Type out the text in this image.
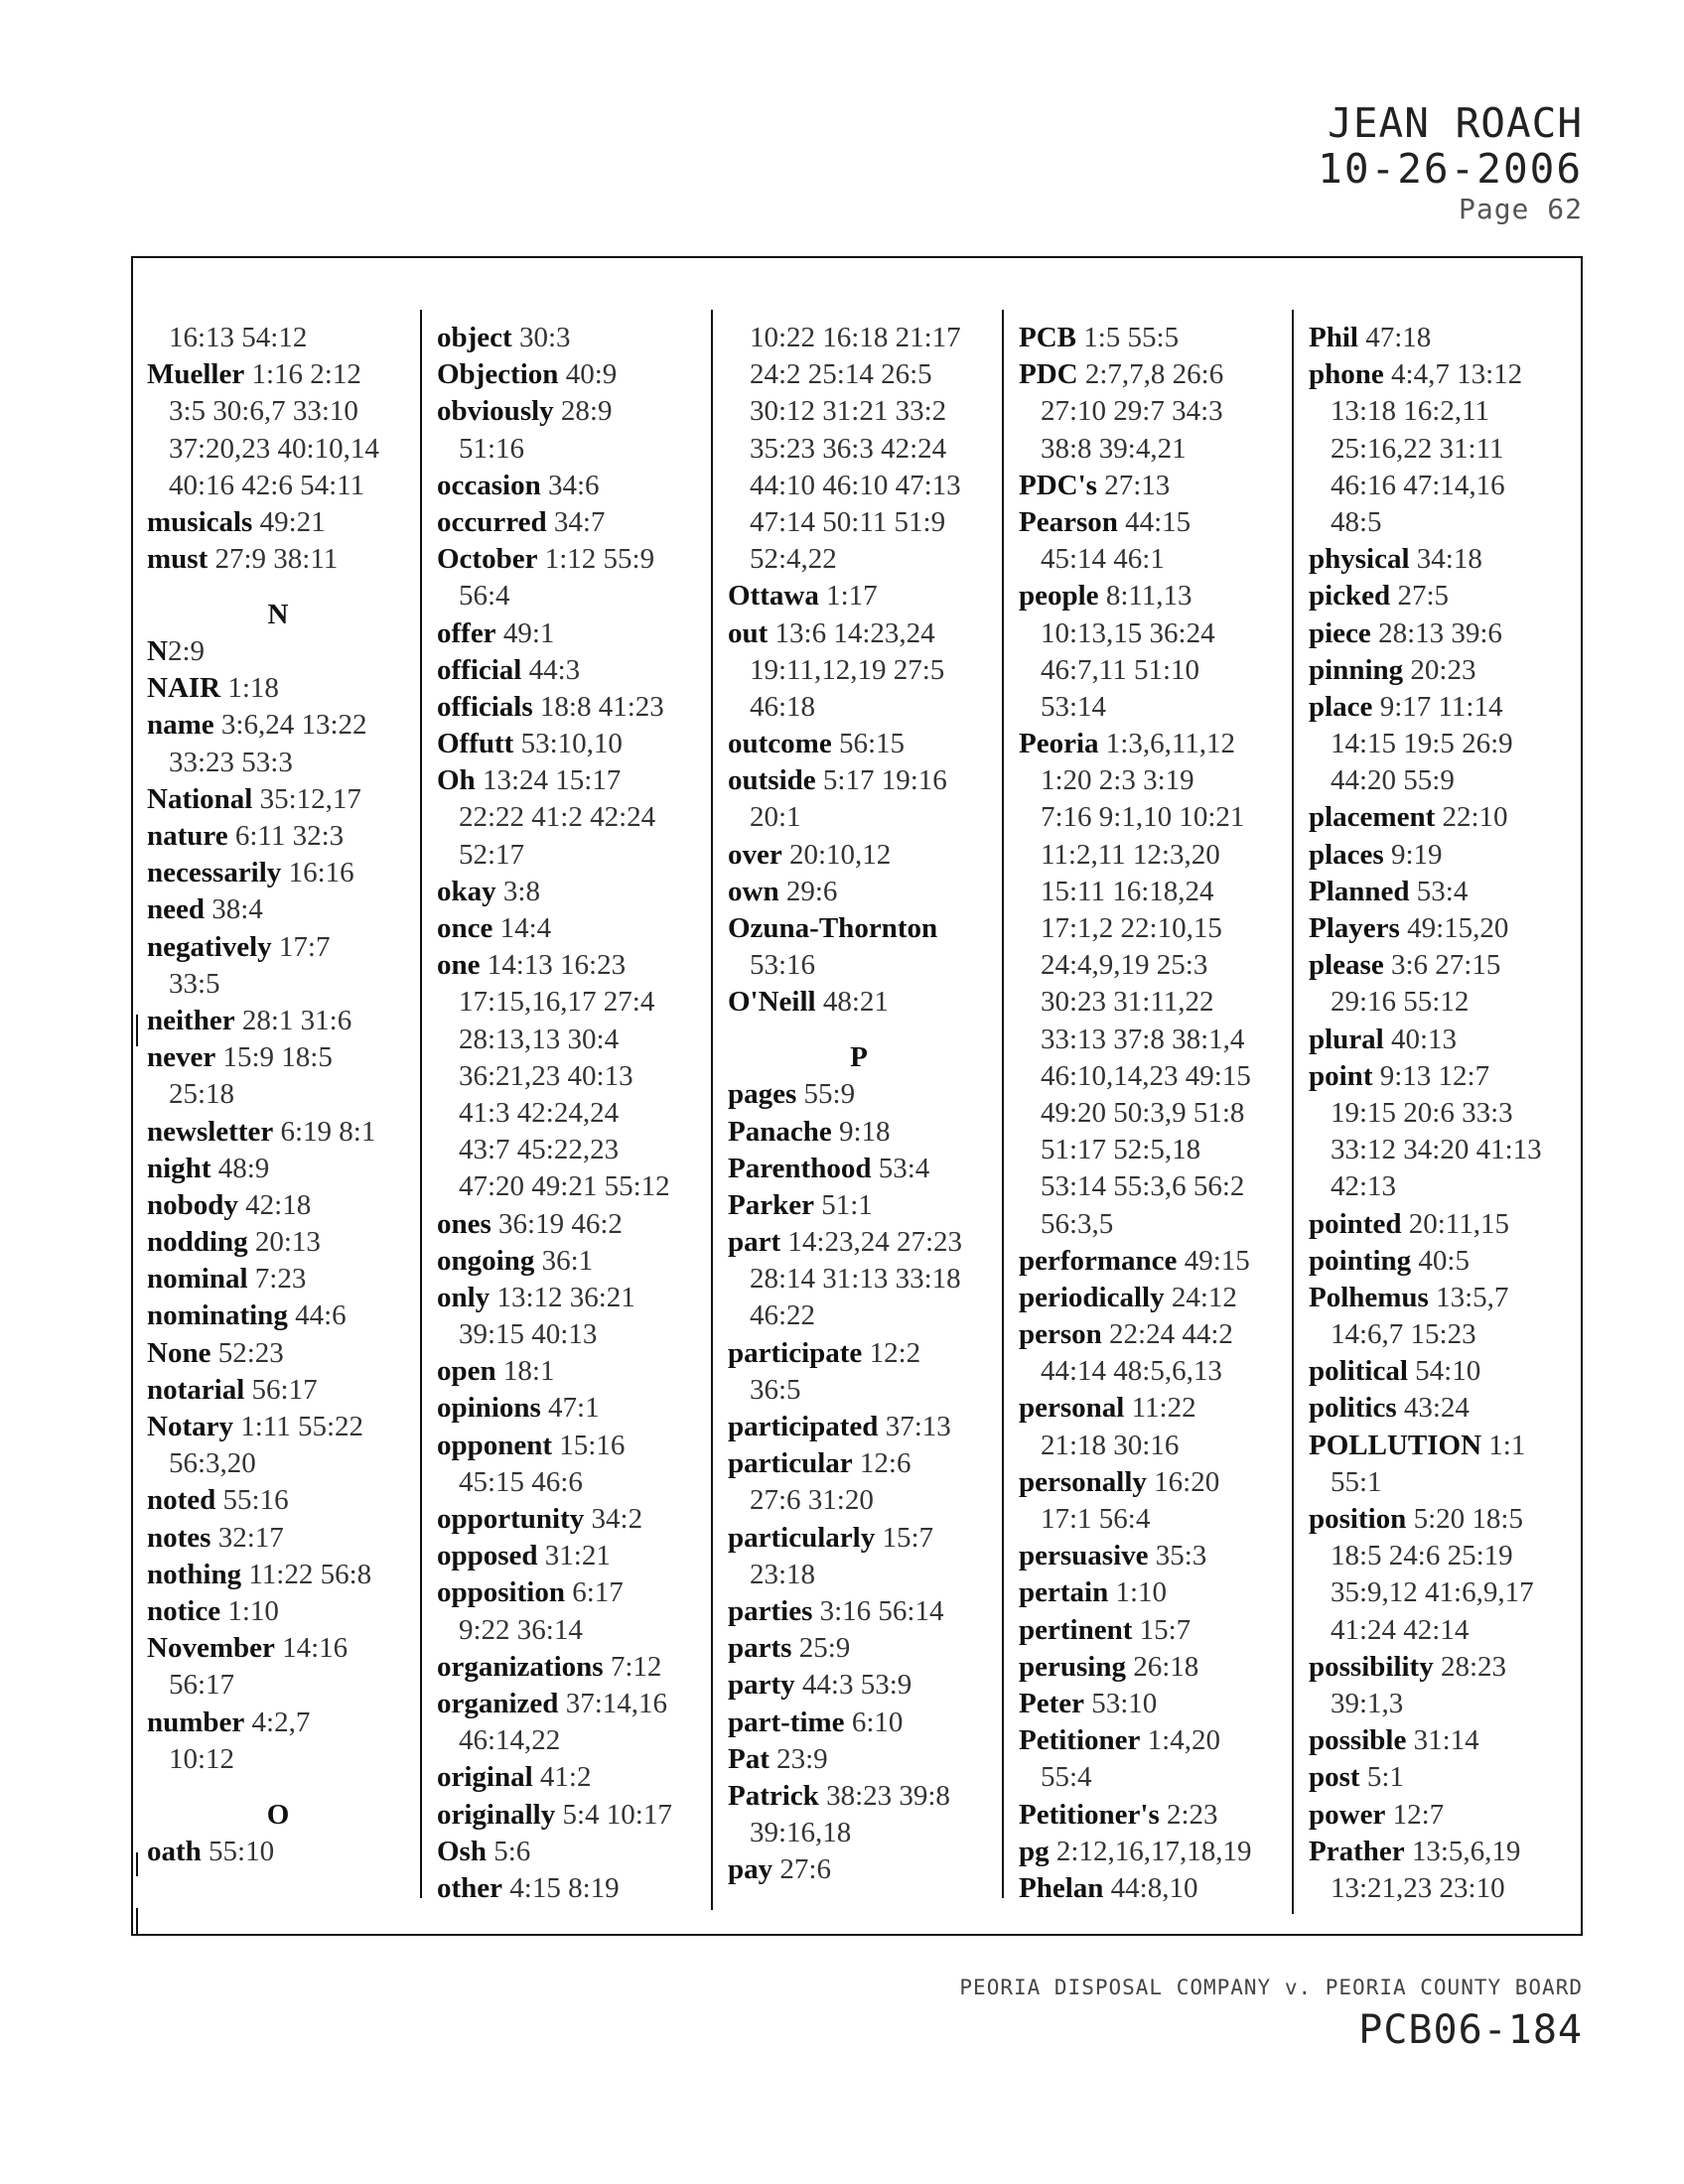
JEAN ROACH
10-26-2006
Page 62
16:13 54:12
Mueller 1:16 2:12
3:5 30:6,7 33:10
37:20,23 40:10,14
40:16 42:6 54:11
musicals 49:21
must 27:9 38:11
N
N2:9
NAIR 1:18
name 3:6,24 13:22
33:23 53:3
National 35:12,17
nature 6:11 32:3
necessarily 16:16
need 38:4
negatively 17:7
33:5
neither 28:1 31:6
never 15:9 18:5
25:18
newsletter 6:19 8:1
night 48:9
nobody 42:18
nodding 20:13
nominal 7:23
nominating 44:6
None 52:23
notarial 56:17
Notary 1:11 55:22
56:3,20
noted 55:16
notes 32:17
nothing 11:22 56:8
notice 1:10
November 14:16
56:17
number 4:2,7
10:12
O
oath 55:10
object 30:3
Objection 40:9
obviously 28:9
51:16
occasion 34:6
occurred 34:7
October 1:12 55:9
56:4
offer 49:1
official 44:3
officials 18:8 41:23
Offutt 53:10,10
Oh 13:24 15:17
22:22 41:2 42:24
52:17
okay 3:8
once 14:4
one 14:13 16:23
17:15,16,17 27:4
28:13,13 30:4
36:21,23 40:13
41:3 42:24,24
43:7 45:22,23
47:20 49:21 55:12
ones 36:19 46:2
ongoing 36:1
only 13:12 36:21
39:15 40:13
open 18:1
opinions 47:1
opponent 15:16
45:15 46:6
opportunity 34:2
opposed 31:21
opposition 6:17
9:22 36:14
organizations 7:12
organized 37:14,16
46:14,22
original 41:2
originally 5:4 10:17
Osh 5:6
other 4:15 8:19
10:22 16:18 21:17
24:2 25:14 26:5
30:12 31:21 33:2
35:23 36:3 42:24
44:10 46:10 47:13
47:14 50:11 51:9
52:4,22
Ottawa 1:17
out 13:6 14:23,24
19:11,12,19 27:5
46:18
outcome 56:15
outside 5:17 19:16
20:1
over 20:10,12
own 29:6
Ozuna-Thornton
53:16
O'Neill 48:21
P
pages 55:9
Panache 9:18
Parenthood 53:4
Parker 51:1
part 14:23,24 27:23
28:14 31:13 33:18
46:22
participate 12:2
36:5
participated 37:13
particular 12:6
27:6 31:20
particularly 15:7
23:18
parties 3:16 56:14
parts 25:9
party 44:3 53:9
part-time 6:10
Pat 23:9
Patrick 38:23 39:8
39:16,18
pay 27:6
PCB 1:5 55:5
PDC 2:7,7,8 26:6
27:10 29:7 34:3
38:8 39:4,21
PDC's 27:13
Pearson 44:15
45:14 46:1
people 8:11,13
10:13,15 36:24
46:7,11 51:10
53:14
Peoria 1:3,6,11,12
1:20 2:3 3:19
7:16 9:1,10 10:21
11:2,11 12:3,20
15:11 16:18,24
17:1,2 22:10,15
24:4,9,19 25:3
30:23 31:11,22
33:13 37:8 38:1,4
46:10,14,23 49:15
49:20 50:3,9 51:8
51:17 52:5,18
53:14 55:3,6 56:2
56:3,5
performance 49:15
periodically 24:12
person 22:24 44:2
44:14 48:5,6,13
personal 11:22
21:18 30:16
personally 16:20
17:1 56:4
persuasive 35:3
pertain 1:10
pertinent 15:7
perusing 26:18
Peter 53:10
Petitioner 1:4,20
55:4
Petitioner's 2:23
pg 2:12,16,17,18,19
Phelan 44:8,10
Phil 47:18
phone 4:4,7 13:12
13:18 16:2,11
25:16,22 31:11
46:16 47:14,16
48:5
physical 34:18
picked 27:5
piece 28:13 39:6
pinning 20:23
place 9:17 11:14
14:15 19:5 26:9
44:20 55:9
placement 22:10
places 9:19
Planned 53:4
Players 49:15,20
please 3:6 27:15
29:16 55:12
plural 40:13
point 9:13 12:7
19:15 20:6 33:3
33:12 34:20 41:13
42:13
pointed 20:11,15
pointing 40:5
Polhemus 13:5,7
14:6,7 15:23
political 54:10
politics 43:24
POLLUTION 1:1
55:1
position 5:20 18:5
18:5 24:6 25:19
35:9,12 41:6,9,17
41:24 42:14
possibility 28:23
39:1,3
possible 31:14
post 5:1
power 12:7
Prather 13:5,6,19
13:21,23 23:10
PEORIA DISPOSAL COMPANY v. PEORIA COUNTY BOARD
PCB06-184
